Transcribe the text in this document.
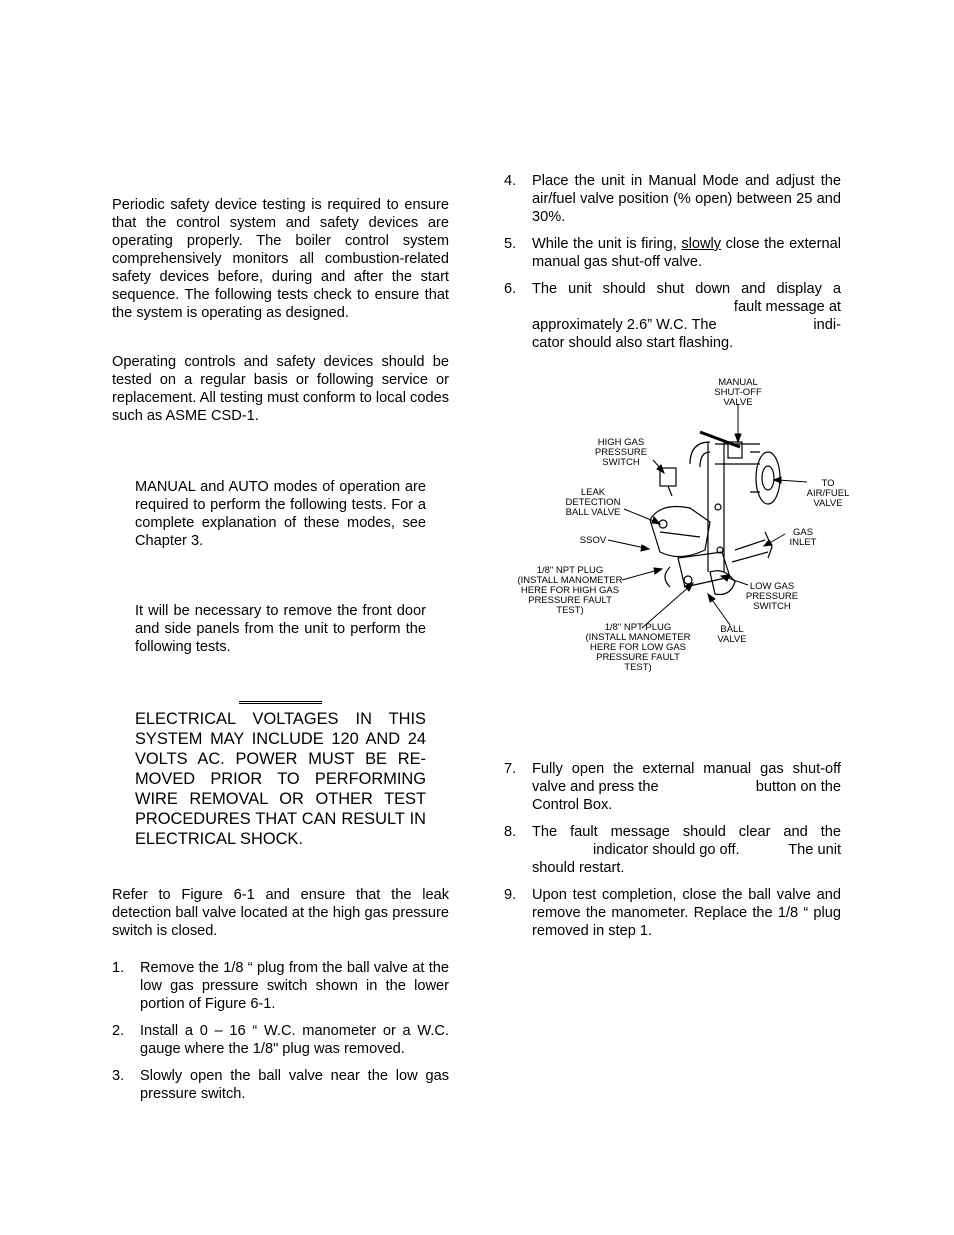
Periodic safety device testing is required to ensure that the control system and safety devices are operating properly. The boiler control system comprehensively monitors all combustion-related safety devices before, during and after the start sequence. The following tests check to ensure that the system is operating as designed.

Operating controls and safety devices should be tested on a regular basis or following service or replacement. All testing must conform to local codes such as ASME CSD-1.

MANUAL and AUTO modes of operation are required to perform the following tests. For a complete explanation of these modes, see Chapter 3.
It will be necessary to remove the front door and side panels from the unit to perform the following tests.
ELECTRICAL VOLTAGES IN THIS SYSTEM MAY INCLUDE 120 AND 24 VOLTS AC. POWER MUST BE RE-MOVED PRIOR TO PERFORMING WIRE REMOVAL OR OTHER TEST PROCEDURES THAT CAN RESULT IN ELECTRICAL SHOCK.
Refer to Figure 6-1 and ensure that the leak detection ball valve located at the high gas pressure switch is closed.
1. Remove the 1/8 “ plug from the ball valve at the low gas pressure switch shown in the lower portion of Figure 6-1.
2. Install a 0 – 16 “ W.C. manometer or a W.C. gauge where the 1/8" plug was removed.
3. Slowly open the ball valve near the low gas pressure switch.
4. Place the unit in Manual Mode and adjust the air/fuel valve position (% open) between 25 and 30%.
5. While the unit is firing, slowly close the external manual gas shut-off valve.
6. The unit should shut down and display a
fault message at
approximately 2.6” W.C. The	indi-
cator should also start flashing.
MANUAL
SHUT-OFF
VALVE
HIGH GAS
PRESSURE
SWITCH
TO
AIR/FUEL
VALVE
LEAK
DETECTION
BALL VALVE
GAS
INLET
SSOV
1/8" NPT PLUG
(INSTALL MANOMETER
HERE FOR HIGH GAS
PRESSURE FAULT
TEST)
LOW GAS
PRESSURE
SWITCH
BALL
VALVE
1/8" NPT PLUG
(INSTALL MANOMETER
HERE FOR LOW GAS
PRESSURE FAULT
TEST)
7. Fully open the external manual gas shut-off
valve and press the	button on the
Control Box.
8. The fault message should clear and the
indicator should go off.	The unit
should restart.
9. Upon test completion, close the ball valve and remove the manometer. Replace the 1/8 “ plug removed in step 1.
